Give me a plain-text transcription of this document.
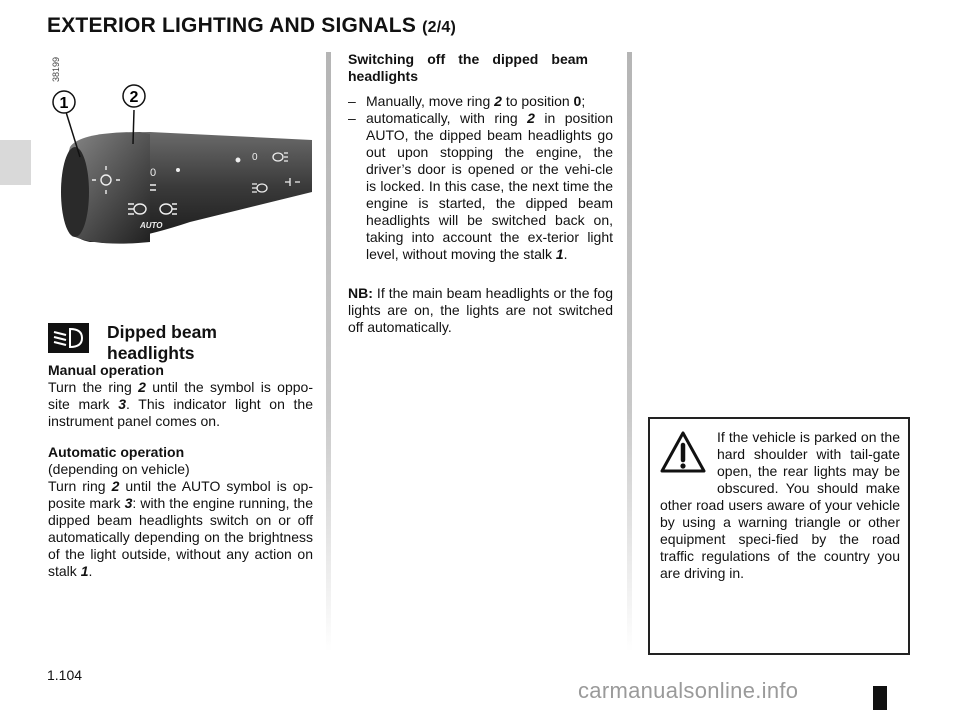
EXTERIOR LIGHTING AND SIGNALS (2/4)
38199
0
AUTO
0
1	2
Dipped beam headlights
Manual operation
Turn the ring 2 until the symbol is oppo-site mark 3. This indicator light on the instrument panel comes on.
Automatic operation
(depending on vehicle)
Turn ring 2 until the AUTO symbol is op-posite mark 3: with the engine running, the dipped beam headlights switch on or off automatically depending on the brightness of the light outside, without any action on stalk 1.
Switching off the dipped beam headlights
– Manually, move ring 2 to position 0;
– automatically, with ring 2 in position AUTO, the dipped beam headlights go out upon stopping the engine, the driver’s door is opened or the vehi-cle is locked. In this case, the next time the engine is started, the dipped beam headlights will be switched back on, taking into account the ex-terior light level, without moving the stalk 1.
NB: If the main beam headlights or the fog lights are on, the lights are not switched off automatically.
If the vehicle is parked on the hard shoulder with tail-gate open, the rear lights may be obscured. You should make other road users aware of your vehicle by using a warning triangle or other equipment speci-fied by the road traffic regulations of the country you are driving in.
1.104
carmanualsonline.info
